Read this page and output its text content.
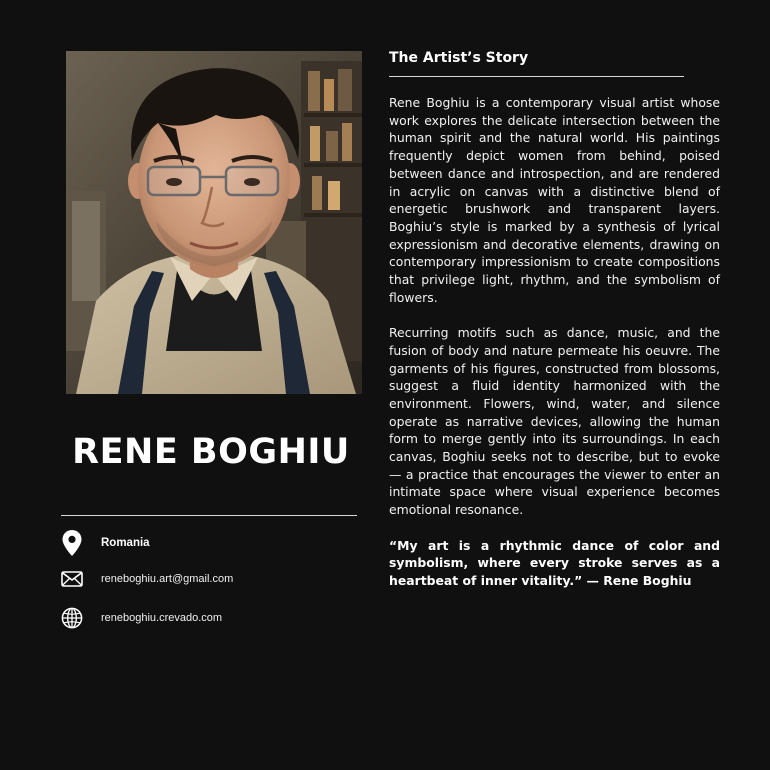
RENE BOGHIU
Romania
reneboghiu.art@gmail.com
reneboghiu.crevado.com
The Artist’s Story

Rene Boghiu is a contemporary visual artist whose work explores the delicate intersection between the human spirit and the natural world. His paintings frequently depict women from behind, poised between dance and introspection, and are rendered in acrylic on canvas with a distinctive blend of energetic brushwork and transparent layers. Boghiu’s style is marked by a synthesis of lyrical expressionism and decorative elements, drawing on contemporary impressionism to create compositions that privilege light, rhythm, and the symbolism of flowers.

Recurring motifs such as dance, music, and the fusion of body and nature permeate his oeuvre. The garments of his figures, constructed from blossoms, suggest a fluid identity harmonized with the environment. Flowers, wind, water, and silence operate as narrative devices, allowing the human form to merge gently into its surroundings. In each canvas, Boghiu seeks not to describe, but to evoke — a practice that encourages the viewer to enter an intimate space where visual experience becomes emotional resonance.

“My art is a rhythmic dance of color and symbolism, where every stroke serves as a heartbeat of inner vitality.” — Rene Boghiu
